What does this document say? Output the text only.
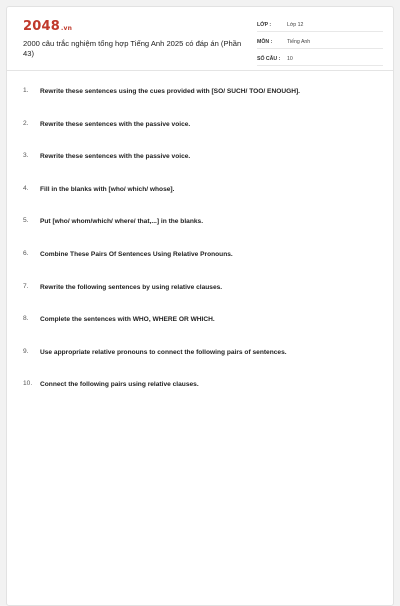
2048.vn
2000 câu trắc nghiệm tổng hợp Tiếng Anh 2025 có đáp án (Phần 43)
LỚP :	Lớp 12
MÔN :	Tiếng Anh
SỐ CÂU :	10
1.	Rewrite these sentences using the cues provided with [SO/ SUCH/ TOO/ ENOUGH].
2.	Rewrite these sentences with the passive voice.
3.	Rewrite these sentences with the passive voice.
4.	Fill in the blanks with [who/ which/ whose].
5.	Put [who/ whom/which/ where/ that,...] in the blanks.
6.	Combine These Pairs Of Sentences Using Relative Pronouns.
7.	Rewrite the following sentences by using relative clauses.
8.	Complete the sentences with WHO, WHERE OR WHICH.
9.	Use appropriate relative pronouns to connect the following pairs of sentences.
10.	Connect the following pairs using relative clauses.
